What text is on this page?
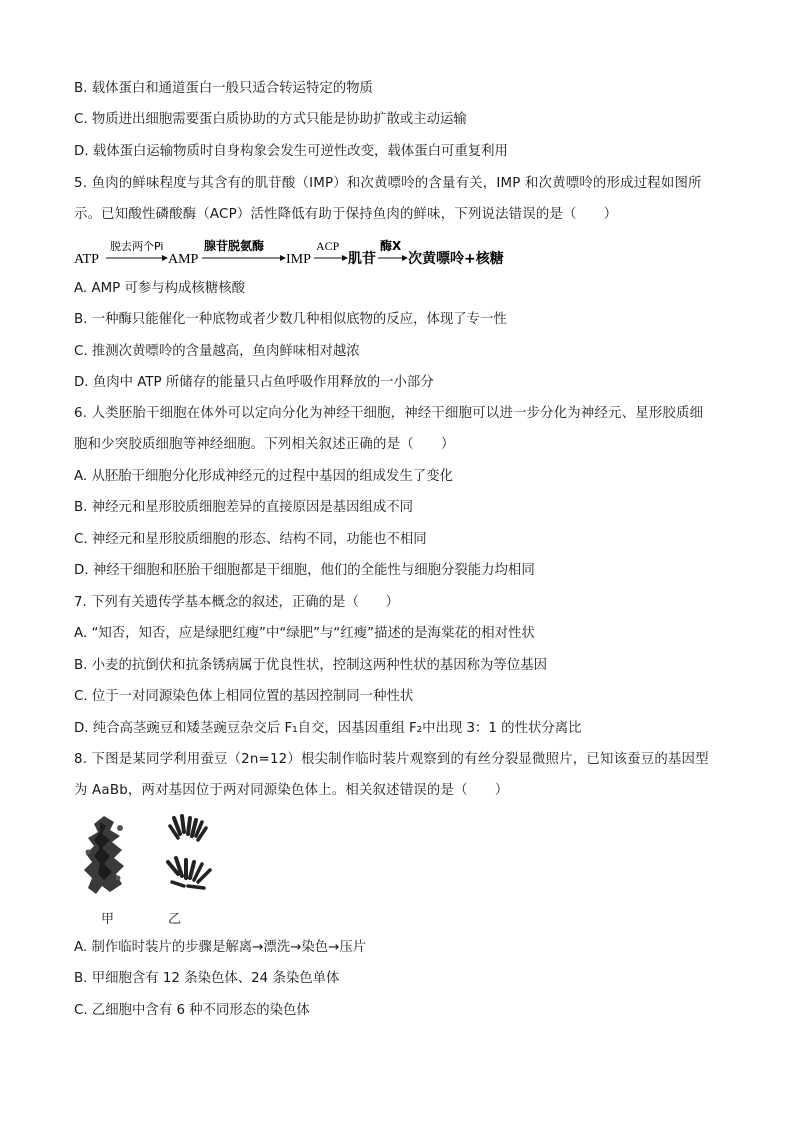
B. 载体蛋白和通道蛋白一般只适合转运特定的物质
C. 物质进出细胞需要蛋白质协助的方式只能是协助扩散或主动运输
D. 载体蛋白运输物质时自身构象会发生可逆性改变，载体蛋白可重复利用
5. 鱼肉的鲜味程度与其含有的肌苷酸（IMP）和次黄嘌呤的含量有关，IMP 和次黄嘌呤的形成过程如图所
示。已知酸性磷酸酶（ACP）活性降低有助于保持鱼肉的鲜味，下列说法错误的是（　　）
ATP
脱去两个Pi
AMP
腺苷脱氨酶
IMP
ACP
肌苷
酶X
次黄嘌呤+核糖
A. AMP 可参与构成核糖核酸
B. 一种酶只能催化一种底物或者少数几种相似底物的反应，体现了专一性
C. 推测次黄嘌呤的含量越高，鱼肉鲜味相对越浓
D. 鱼肉中 ATP 所储存的能量只占鱼呼吸作用释放的一小部分
6. 人类胚胎干细胞在体外可以定向分化为神经干细胞，神经干细胞可以进一步分化为神经元、星形胶质细
胞和少突胶质细胞等神经细胞。下列相关叙述正确的是（　　）
A. 从胚胎干细胞分化形成神经元的过程中基因的组成发生了变化
B. 神经元和星形胶质细胞差异的直接原因是基因组成不同
C. 神经元和星形胶质细胞的形态、结构不同，功能也不相同
D. 神经干细胞和胚胎干细胞都是干细胞，他们的全能性与细胞分裂能力均相同
7. 下列有关遗传学基本概念的叙述，正确的是（　　）
A. “知否，知否，应是绿肥红瘦”中“绿肥”与“红瘦”描述的是海棠花的相对性状
B. 小麦的抗倒伏和抗条锈病属于优良性状，控制这两种性状的基因称为等位基因
C. 位于一对同源染色体上相同位置的基因控制同一种性状
D. 纯合高茎豌豆和矮茎豌豆杂交后 F₁自交，因基因重组 F₂中出现 3：1 的性状分离比
8. 下图是某同学利用蚕豆（2n=12）根尖制作临时装片观察到的有丝分裂显微照片，已知该蚕豆的基因型
为 AaBb，两对基因位于两对同源染色体上。相关叙述错误的是（　　）
甲	乙
A. 制作临时装片的步骤是解离→漂洗→染色→压片
B. 甲细胞含有 12 条染色体、24 条染色单体
C. 乙细胞中含有 6 种不同形态的染色体
